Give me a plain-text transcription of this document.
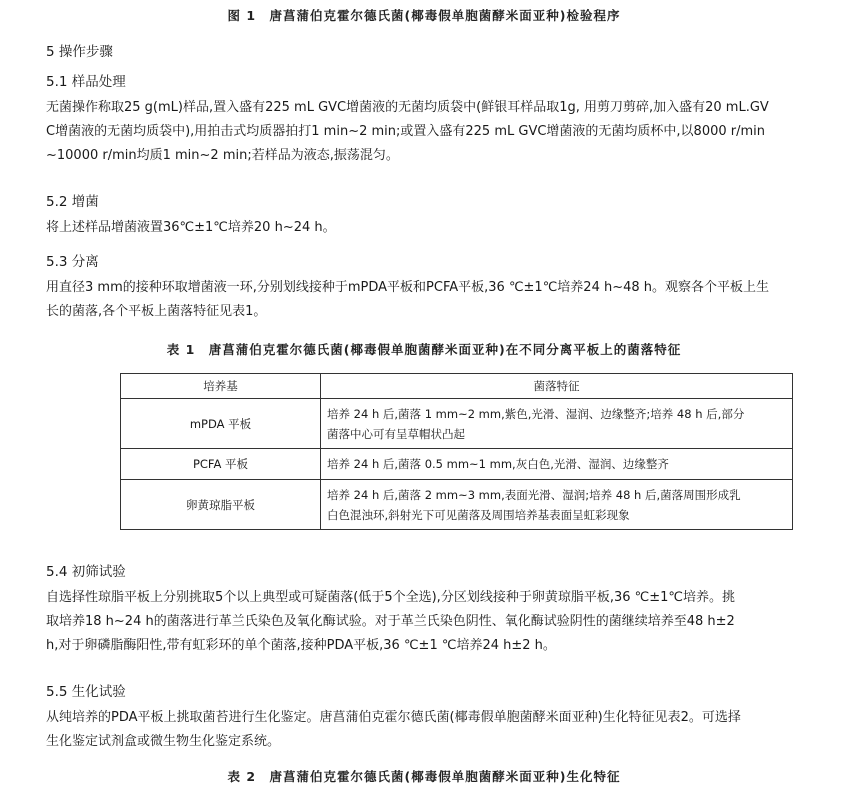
图 1　唐菖蒲伯克霍尔德氏菌(椰毒假单胞菌酵米面亚种)检验程序
5 操作步骤
5.1 样品处理
无菌操作称取25 g(mL)样品,置入盛有225 mL GVC增菌液的无菌均质袋中(鲜银耳样品取1g, 用剪刀剪碎,加入盛有20 mL.GV
C增菌液的无菌均质袋中),用拍击式均质器拍打1 min~2 min;或置入盛有225 mL GVC增菌液的无菌均质杯中,以8000 r/min
~10000 r/min均质1 min~2 min;若样品为液态,振荡混匀。
5.2 增菌
将上述样品增菌液置36℃±1℃培养20 h~24 h。
5.3 分离
用直径3 mm的接种环取增菌液一环,分别划线接种于mPDA平板和PCFA平板,36 ℃±1℃培养24 h~48 h。观察各个平板上生
长的菌落,各个平板上菌落特征见表1。
表 1　唐菖蒲伯克霍尔德氏菌(椰毒假单胞菌酵米面亚种)在不同分离平板上的菌落特征
培养基	菌落特征
mPDA 平板	培养 24 h 后,菌落 1 mm~2 mm,紫色,光滑、湿润、边缘整齐;培养 48 h 后,部分
菌落中心可有呈草帽状凸起

PCFA 平板	培养 24 h 后,菌落 0.5 mm~1 mm,灰白色,光滑、湿润、边缘整齐

卵黄琼脂平板	培养 24 h 后,菌落 2 mm~3 mm,表面光滑、湿润;培养 48 h 后,菌落周围形成乳
白色混浊环,斜射光下可见菌落及周围培养基表面呈虹彩现象
5.4 初筛试验
自选择性琼脂平板上分别挑取5个以上典型或可疑菌落(低于5个全选),分区划线接种于卵黄琼脂平板,36 ℃±1℃培养。挑
取培养18 h~24 h的菌落进行革兰氏染色及氧化酶试验。对于革兰氏染色阴性、氧化酶试验阴性的菌继续培养至48 h±2
h,对于卵磷脂酶阳性,带有虹彩环的单个菌落,接种PDA平板,36 ℃±1 ℃培养24 h±2 h。
5.5 生化试验
从纯培养的PDA平板上挑取菌苔进行生化鉴定。唐菖蒲伯克霍尔德氏菌(椰毒假单胞菌酵米面亚种)生化特征见表2。可选择
生化鉴定试剂盒或微生物生化鉴定系统。
表 2　唐菖蒲伯克霍尔德氏菌(椰毒假单胞菌酵米面亚种)生化特征
